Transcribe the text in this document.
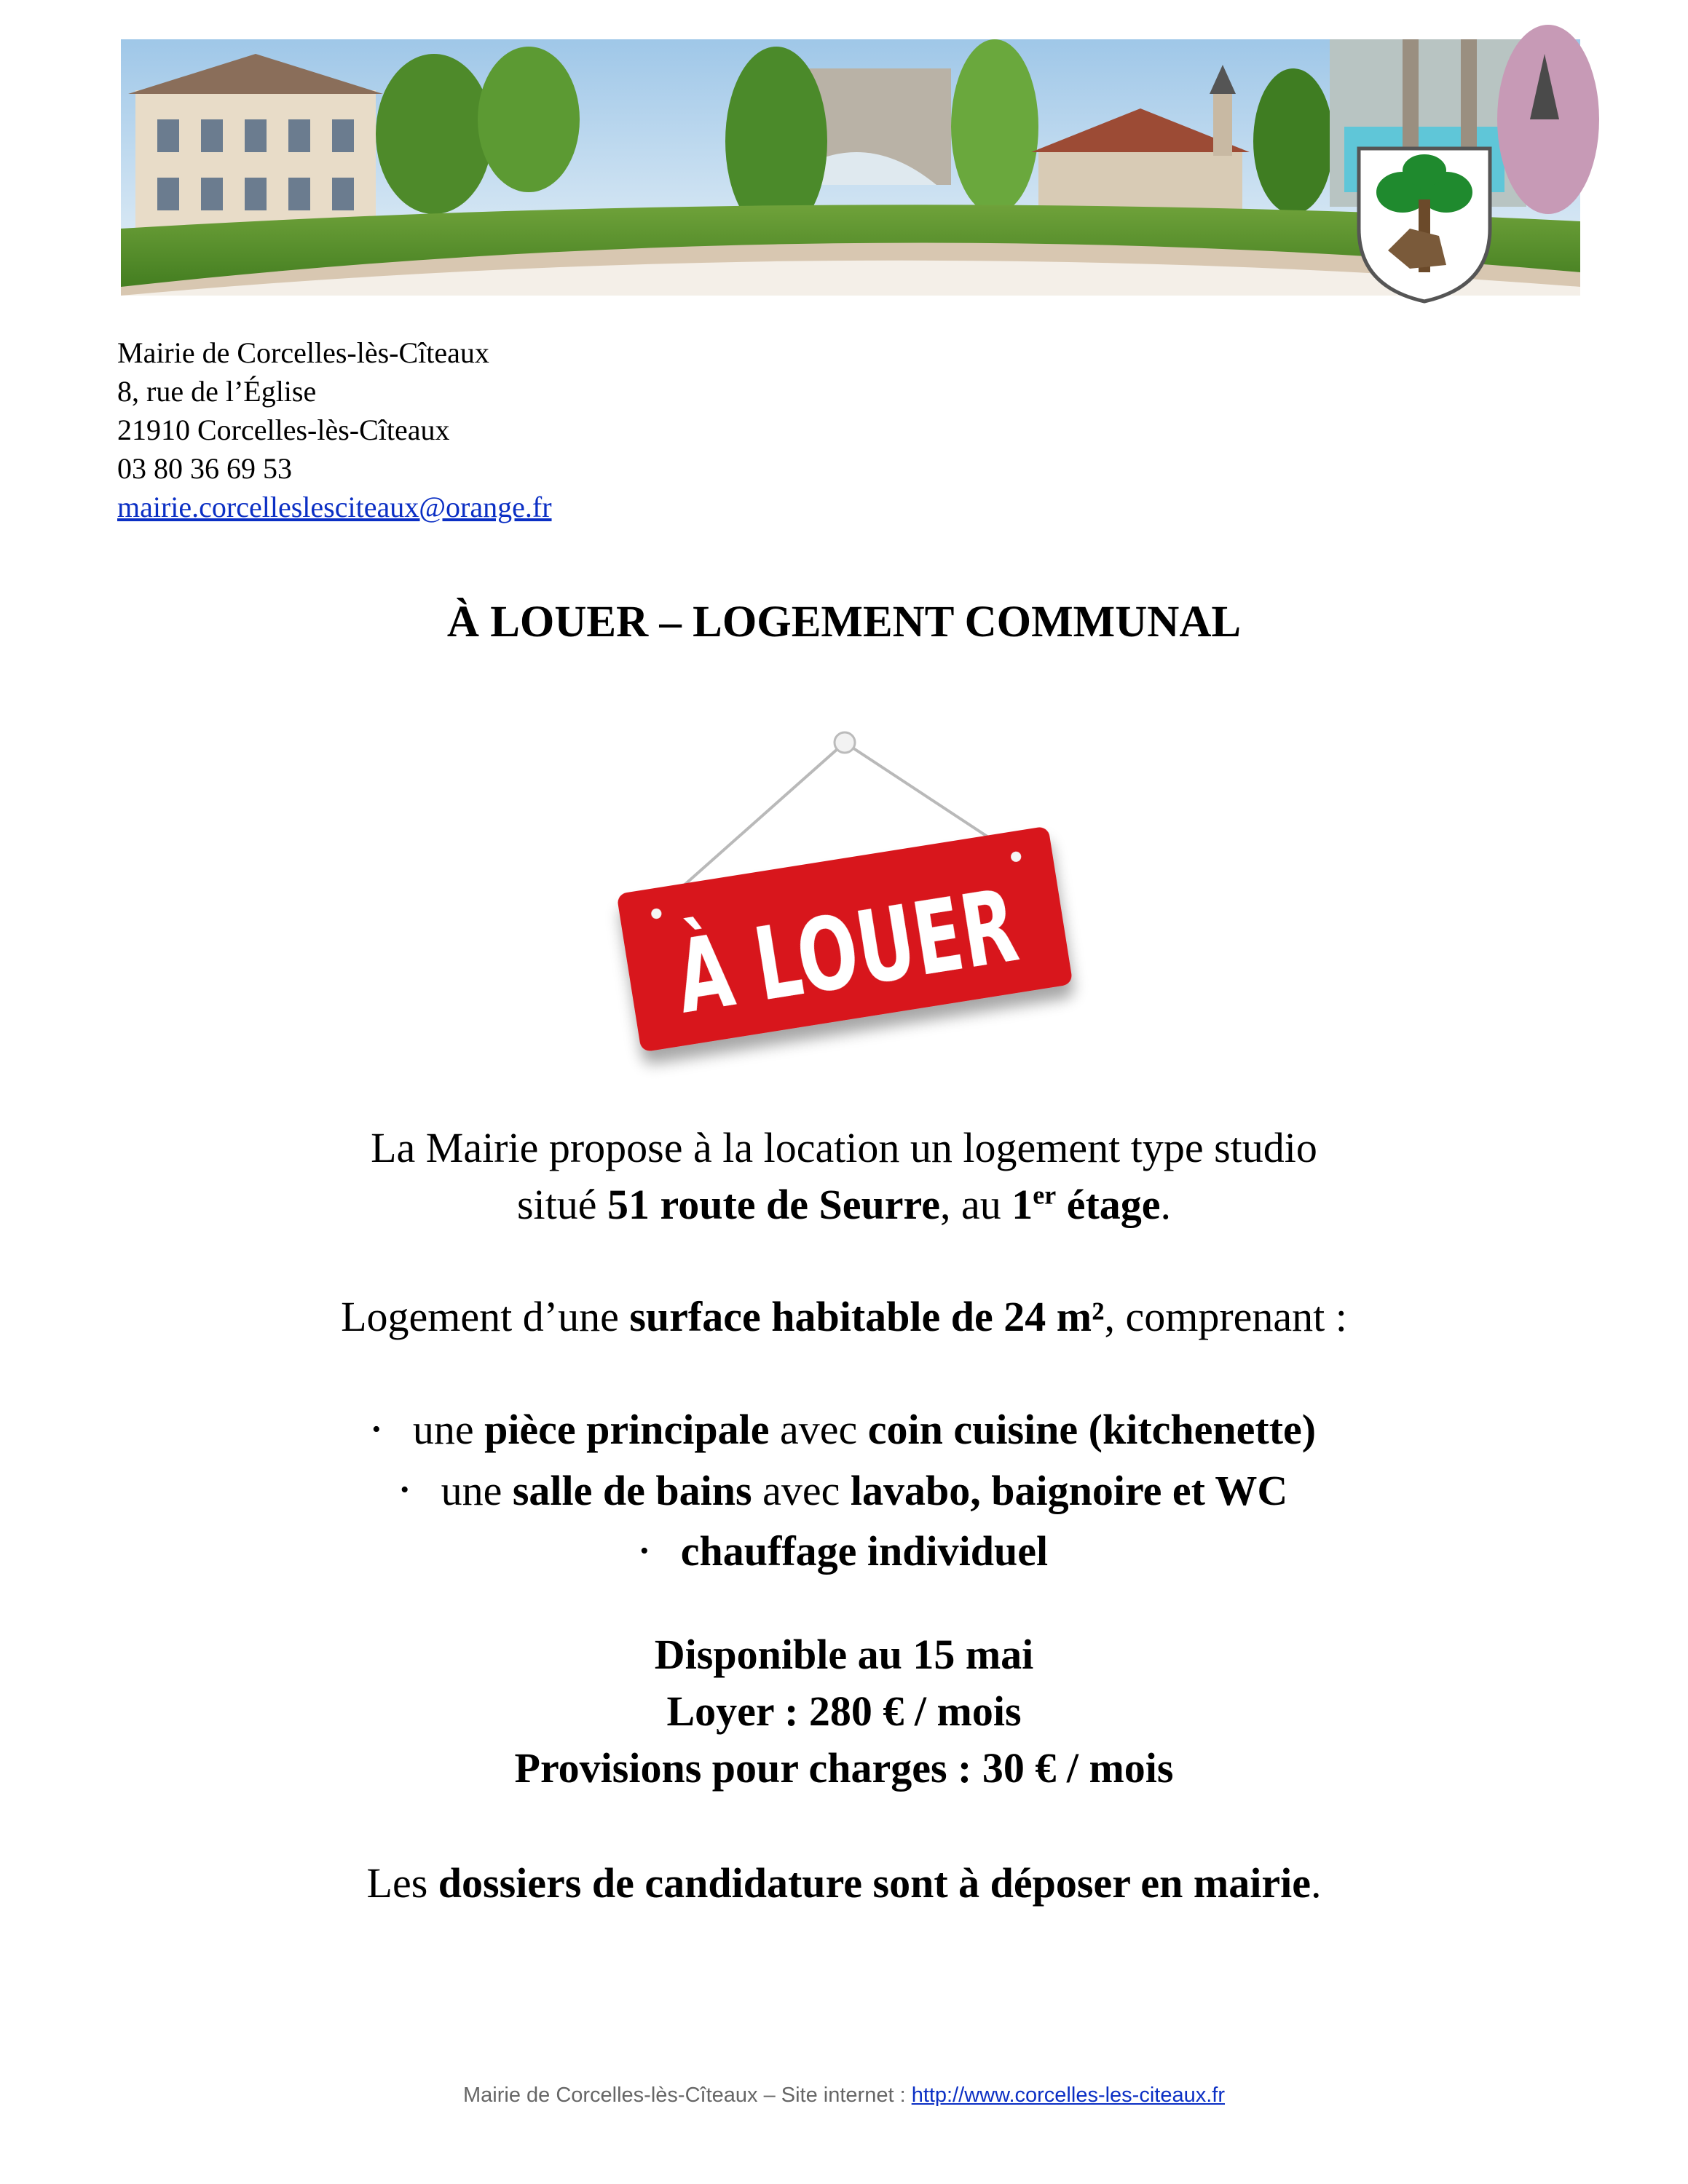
Mairie de Corcelles-lès-Cîteaux
8, rue de l’Église
21910 Corcelles-lès-Cîteaux
03 80 36 69 53
mairie.corcelleslesciteaux@orange.fr
À LOUER – LOGEMENT COMMUNAL
À LOUER
La Mairie propose à la location un logement type studio
situé 51 route de Seurre, au 1er étage.
Logement d’une surface habitable de 24 m², comprenant :
• une pièce principale avec coin cuisine (kitchenette)
• une salle de bains avec lavabo, baignoire et WC
• chauffage individuel
Disponible au 15 mai
Loyer : 280 € / mois
Provisions pour charges : 30 € / mois
Les dossiers de candidature sont à déposer en mairie.
Mairie de Corcelles-lès-Cîteaux – Site internet : http://www.corcelles-les-citeaux.fr
